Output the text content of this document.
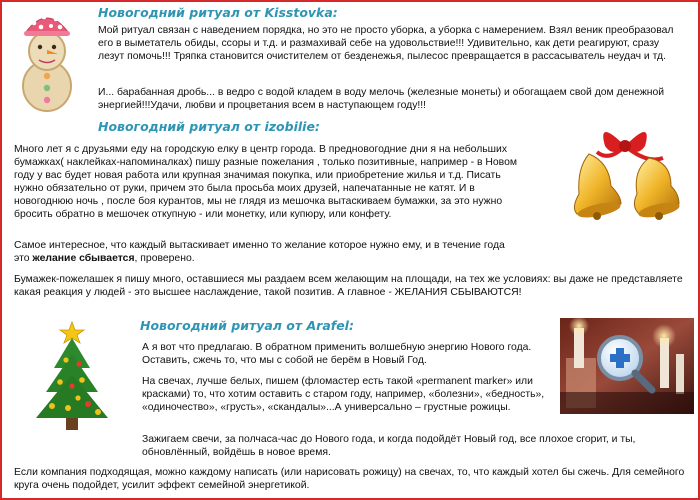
Новогодний ритуал от Kisstovka:
Мой ритуал связан с наведением порядка, но это не просто уборка, а уборка с намерением. Взял веник преобразовал его в выметатель обиды, ссоры и т.д. и размахивай себе на удовольствие!!! Удивительно, как дети реагируют, сразу лезут помочь!!! Тряпка становится очистителем от безденежья, пылесос превращается в рассасыватель неудач и тд.
И... барабанная дробь... в ведро с водой кладем в воду мелочь (железные монеты) и обогащаем свой дом денежной энергией!!!Удачи, любви и процветания всем в наступающем году!!!
Новогодний ритуал от izobilie:
Много лет я с друзьями еду на городскую елку в центр города. В предновогодние дни я на небольших бумажках( наклейках-напоминалках) пишу разные пожелания , только позитивные, например - в Новом году у вас будет новая работа или крупная значимая покупка, или приобретение жилья и т.д. Писать нужно обязательно от руки, причем это была просьба моих друзей, напечатанные не катят. И в новогоднюю ночь , после боя курантов, мы не глядя из мешочка вытаскиваем бумажки, за это нужно бросить обратно в мешочек откупную - или монетку, или купюру, или конфету.
Самое интересное, что каждый вытаскивает именно то желание которое нужно ему, и в течение года это желание сбывается, проверено.
Бумажек-пожелашек я пишу много, оставшиеся мы раздаем всем желающим на площади, на тех же условиях: вы даже не представляете какая реакция у людей - это высшее наслаждение, такой позитив. А главное - ЖЕЛАНИЯ СБЫВАЮТСЯ!
Новогодний ритуал от Arafel:
А я вот что предлагаю. В обратном применить волшебную энергию Нового года. Оставить, сжечь то, что мы с собой не берём в Новый Год.
На свечах, лучше белых, пишем (фломастер есть такой «permanent marker» или красками) то, что хотим оставить с старом году, например, «болезни», «бедность», «одиночество», «грусть», «скандалы»...А универсально – грустные рожицы.
Зажигаем свечи, за полчаса-час до Нового года, и когда подойдёт Новый год, все плохое сгорит, и ты, обновлённый, войдёшь в новое время.
Если компания подходящая, можно каждому написать (или нарисовать рожицу) на свечах, то, что каждый хотел бы сжечь. Для семейного круга очень подойдет, усилит эффект семейной энергетикой.
